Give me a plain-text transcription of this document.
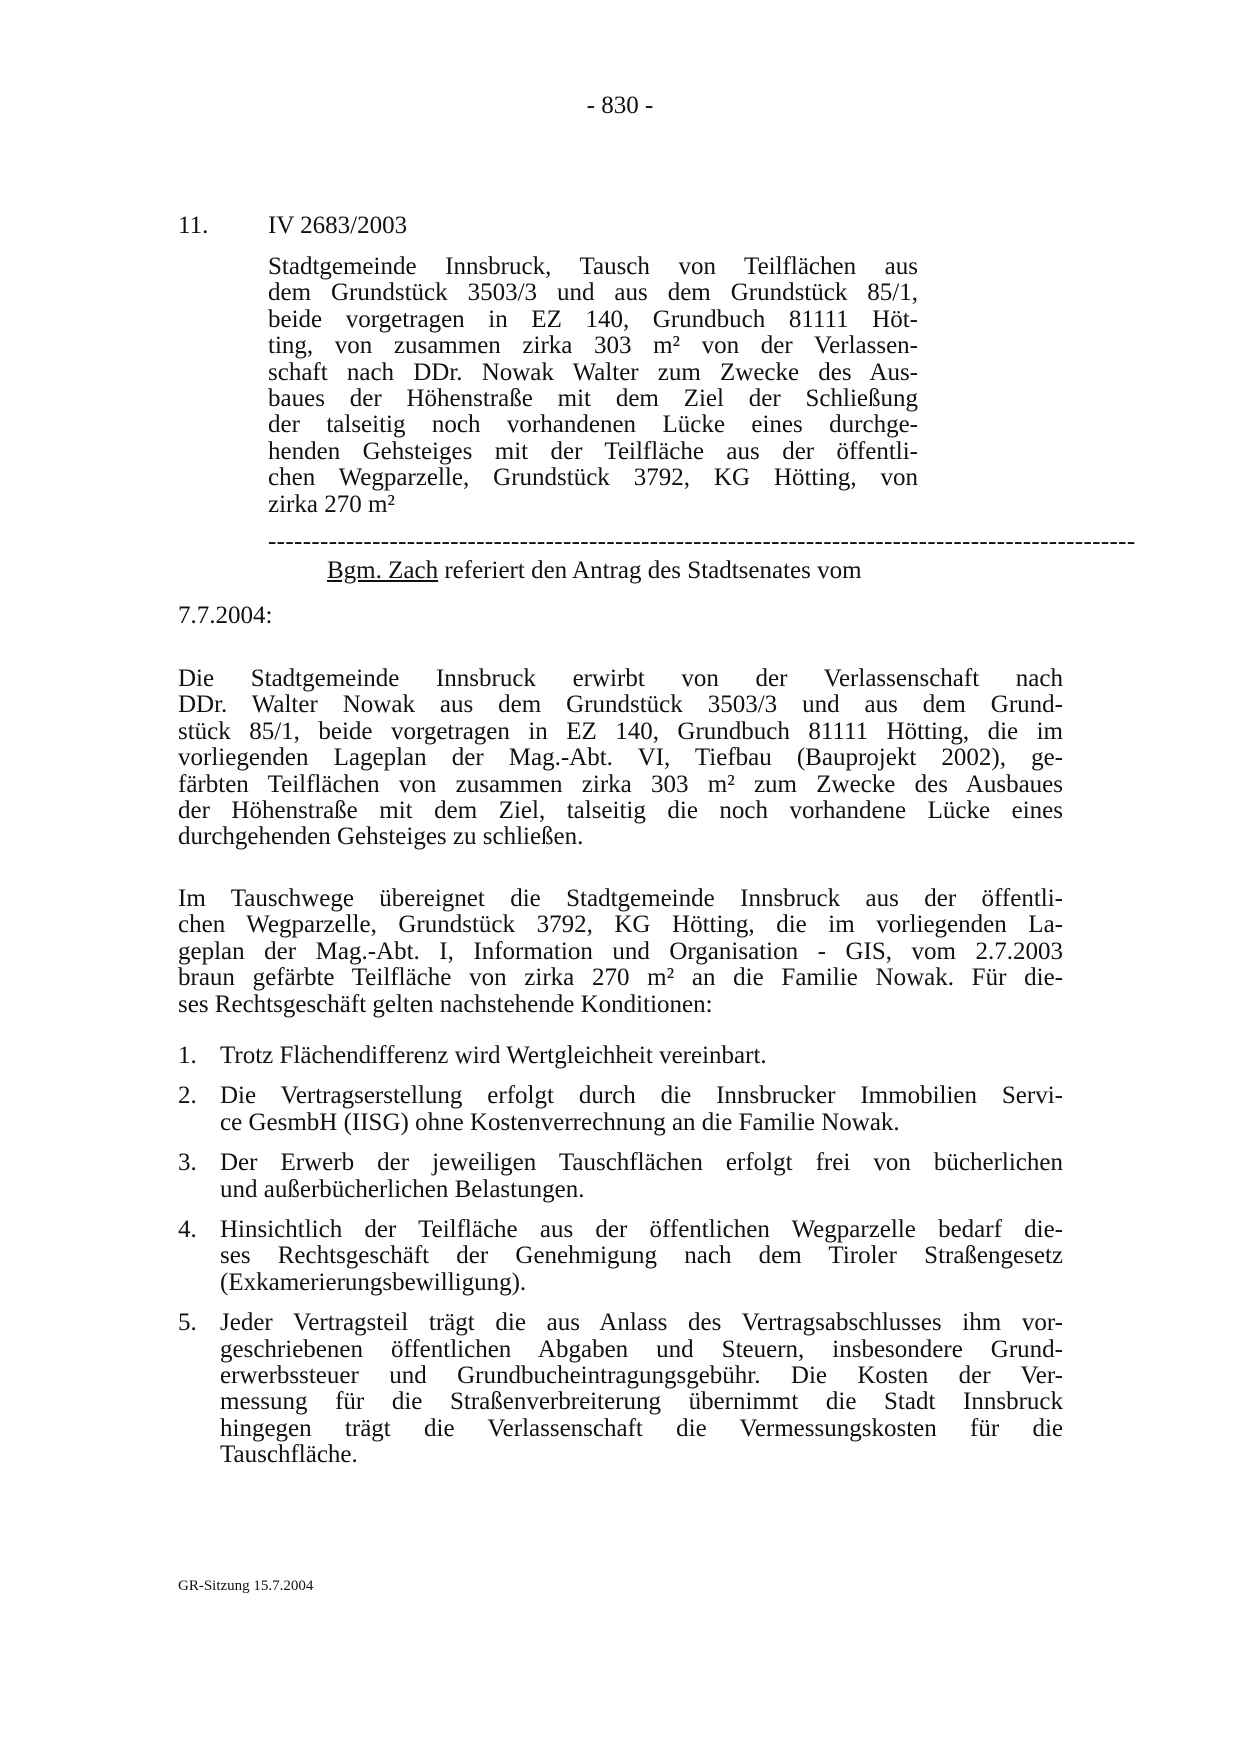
- 830 -
11. IV 2683/2003
Stadtgemeinde Innsbruck, Tausch von Teilflächen aus
dem Grundstück 3503/3 und aus dem Grundstück 85/1,
beide vorgetragen in EZ 140, Grundbuch 81111 Höt-
ting, von zusammen zirka 303 m² von der Verlassen-
schaft nach DDr. Nowak Walter zum Zwecke des Aus-
baues der Höhenstraße mit dem Ziel der Schließung
der talseitig noch vorhandenen Lücke eines durchge-
henden Gehsteiges mit der Teilfläche aus der öffentli-
chen Wegparzelle, Grundstück 3792, KG Hötting, von
zirka 270 m²
----------------------------------------------------------------------------------------------------
Bgm. Zach referiert den Antrag des Stadtsenates vom
7.7.2004:
Die Stadtgemeinde Innsbruck erwirbt von der Verlassenschaft nach
DDr. Walter Nowak aus dem Grundstück 3503/3 und aus dem Grund-
stück 85/1, beide vorgetragen in EZ 140, Grundbuch 81111 Hötting, die im
vorliegenden Lageplan der Mag.-Abt. VI, Tiefbau (Bauprojekt 2002), ge-
färbten Teilflächen von zusammen zirka 303 m² zum Zwecke des Ausbaues
der Höhenstraße mit dem Ziel, talseitig die noch vorhandene Lücke eines
durchgehenden Gehsteiges zu schließen.
Im Tauschwege übereignet die Stadtgemeinde Innsbruck aus der öffentli-
chen Wegparzelle, Grundstück 3792, KG Hötting, die im vorliegenden La-
geplan der Mag.-Abt. I, Information und Organisation - GIS, vom 2.7.2003
braun gefärbte Teilfläche von zirka 270 m² an die Familie Nowak. Für die-
ses Rechtsgeschäft gelten nachstehende Konditionen:
1. Trotz Flächendifferenz wird Wertgleichheit vereinbart.
2. Die Vertragserstellung erfolgt durch die Innsbrucker Immobilien Servi-
ce GesmbH (IISG) ohne Kostenverrechnung an die Familie Nowak.
3. Der Erwerb der jeweiligen Tauschflächen erfolgt frei von bücherlichen
und außerbücherlichen Belastungen.
4. Hinsichtlich der Teilfläche aus der öffentlichen Wegparzelle bedarf die-
ses Rechtsgeschäft der Genehmigung nach dem Tiroler Straßengesetz
(Exkamerierungsbewilligung).
5. Jeder Vertragsteil trägt die aus Anlass des Vertragsabschlusses ihm vor-
geschriebenen öffentlichen Abgaben und Steuern, insbesondere Grund-
erwerbssteuer und Grundbucheintragungsgebühr. Die Kosten der Ver-
messung für die Straßenverbreiterung übernimmt die Stadt Innsbruck
hingegen trägt die Verlassenschaft die Vermessungskosten für die
Tauschfläche.
GR-Sitzung 15.7.2004
